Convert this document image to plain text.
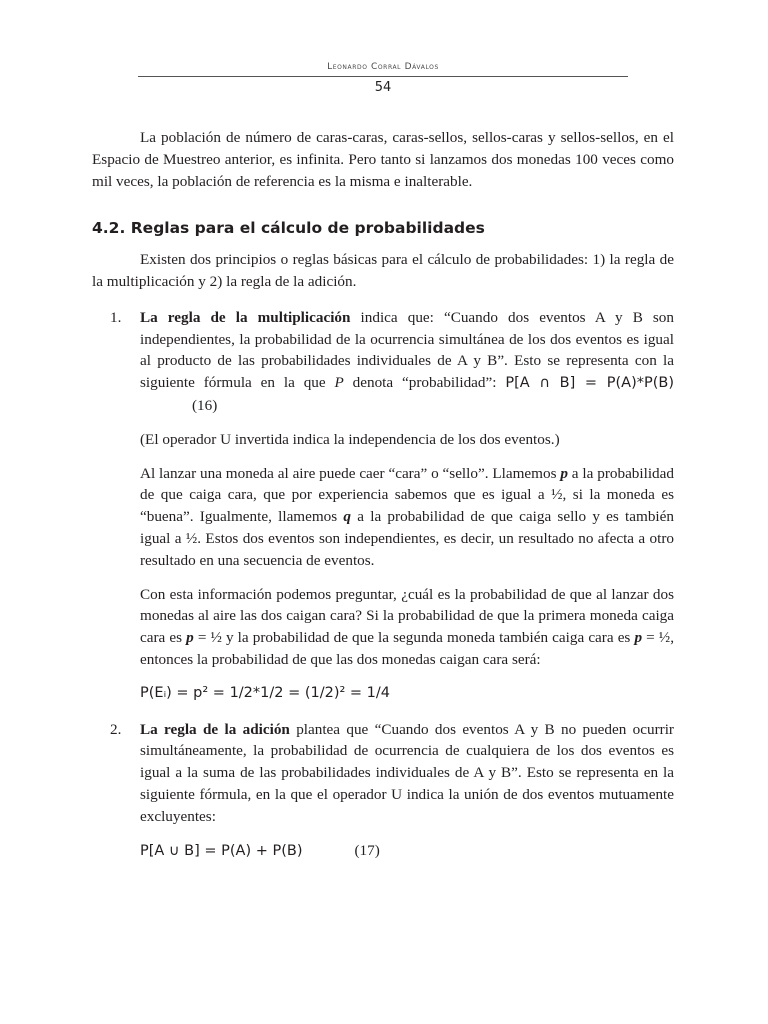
Leonardo Corral Dávalos
54

La población de número de caras-caras, caras-sellos, sellos-caras y sellos-sellos, en el Espacio de Muestreo anterior, es infinita. Pero tanto si lanzamos dos monedas 100 veces como mil veces, la población de referencia es la misma e inalterable.

4.2. Reglas para el cálculo de probabilidades

Existen dos principios o reglas básicas para el cálculo de probabilidades: 1) la regla de la multiplicación y 2) la regla de la adición.

1. La regla de la multiplicación indica que: “Cuando dos eventos A y B son independientes, la probabilidad de la ocurrencia simultánea de los dos eventos es igual al producto de las probabilidades individuales de A y B”. Esto se representa con la siguiente fórmula en la que P denota “probabilidad”: P[A ∩ B] = P(A)*P(B)(16)

(El operador U invertida indica la independencia de los dos eventos.)

Al lanzar una moneda al aire puede caer “cara” o “sello”. Llamemos p a la probabilidad de que caiga cara, que por experiencia sabemos que es igual a ½, si la moneda es “buena”. Igualmente, llamemos q a la probabilidad de que caiga sello y es también igual a ½. Estos dos eventos son independientes, es decir, un resultado no afecta a otro resultado en una secuencia de eventos.

Con esta información podemos preguntar, ¿cuál es la probabilidad de que al lanzar dos monedas al aire las dos caigan cara? Si la probabilidad de que la primera moneda caiga cara es p = ½ y la probabilidad de que la segunda moneda también caiga cara es p = ½, entonces la probabilidad de que las dos monedas caigan cara será:

P(Eᵢ) = p² = 1/2*1/2 = (1/2)² = 1/4

2. La regla de la adición plantea que “Cuando dos eventos A y B no pueden ocurrir simultáneamente, la probabilidad de ocurrencia de cualquiera de los dos eventos es igual a la suma de las probabilidades individuales de A y B”. Esto se representa en la siguiente fórmula, en la que el operador U indica la unión de dos eventos mutuamente excluyentes:

P[A ∪ B] = P(A) + P(B)	(17)
